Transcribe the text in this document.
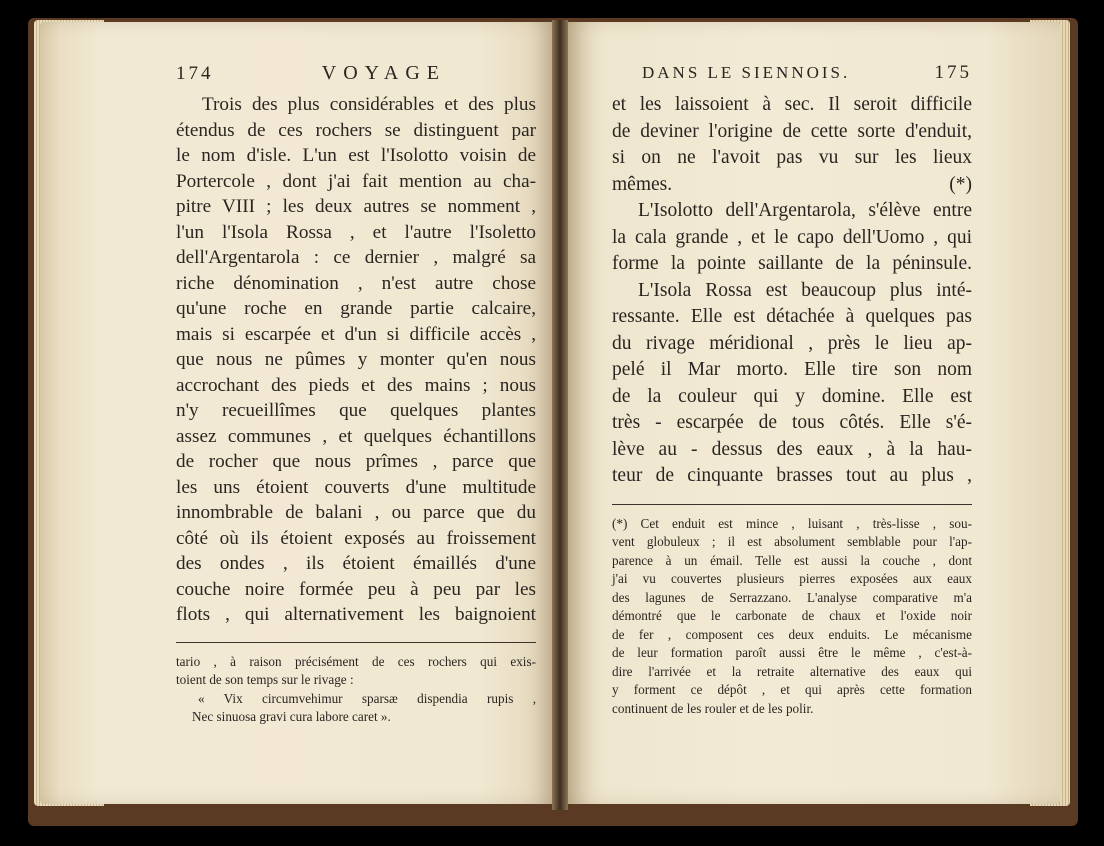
174	VOYAGE
Trois des plus considérables et des plus
étendus de ces rochers se distinguent par
le nom d'isle. L'un est l'Isolotto voisin de
Portercole , dont j'ai fait mention au cha-
pitre VIII ; les deux autres se nomment ,
l'un l'Isola Rossa , et l'autre l'Isoletto
dell'Argentarola : ce dernier , malgré sa
riche dénomination , n'est autre chose
qu'une roche en grande partie calcaire,
mais si escarpée et d'un si difficile accès ,
que nous ne pûmes y monter qu'en nous
accrochant des pieds et des mains ; nous
n'y recueillîmes que quelques plantes
assez communes , et quelques échantillons
de rocher que nous prîmes , parce que
les uns étoient couverts d'une multitude
innombrable de balani , ou parce que du
côté où ils étoient exposés au froissement
des ondes , ils étoient émaillés d'une
couche noire formée peu à peu par les
flots , qui alternativement les baignoient
tario , à raison précisément de ces rochers qui exis-
toient de son temps sur le rivage :
« Vix circumvehimur sparsæ dispendia rupis ,
Nec sinuosa gravi cura labore caret ».
DANS LE SIENNOIS.	175
et les laissoient à sec. Il seroit difficile
de deviner l'origine de cette sorte d'enduit,
si on ne l'avoit pas vu sur les lieux
mêmes. (*)
L'Isolotto dell'Argentarola, s'élève entre
la cala grande , et le capo dell'Uomo , qui
forme la pointe saillante de la péninsule.
L'Isola Rossa est beaucoup plus inté-
ressante. Elle est détachée à quelques pas
du rivage méridional , près le lieu ap-
pelé il Mar morto. Elle tire son nom
de la couleur qui y domine. Elle est
très - escarpée de tous côtés. Elle s'é-
lève au - dessus des eaux , à la hau-
teur de cinquante brasses tout au plus ,
(*) Cet enduit est mince , luisant , très-lisse , sou-
vent globuleux ; il est absolument semblable pour l'ap-
parence à un émail. Telle est aussi la couche , dont
j'ai vu couvertes plusieurs pierres exposées aux eaux
des lagunes de Serrazzano. L'analyse comparative m'a
démontré que le carbonate de chaux et l'oxide noir
de fer , composent ces deux enduits. Le mécanisme
de leur formation paroît aussi être le même , c'est-à-
dire l'arrivée et la retraite alternative des eaux qui
y forment ce dépôt , et qui après cette formation
continuent de les rouler et de les polir.
